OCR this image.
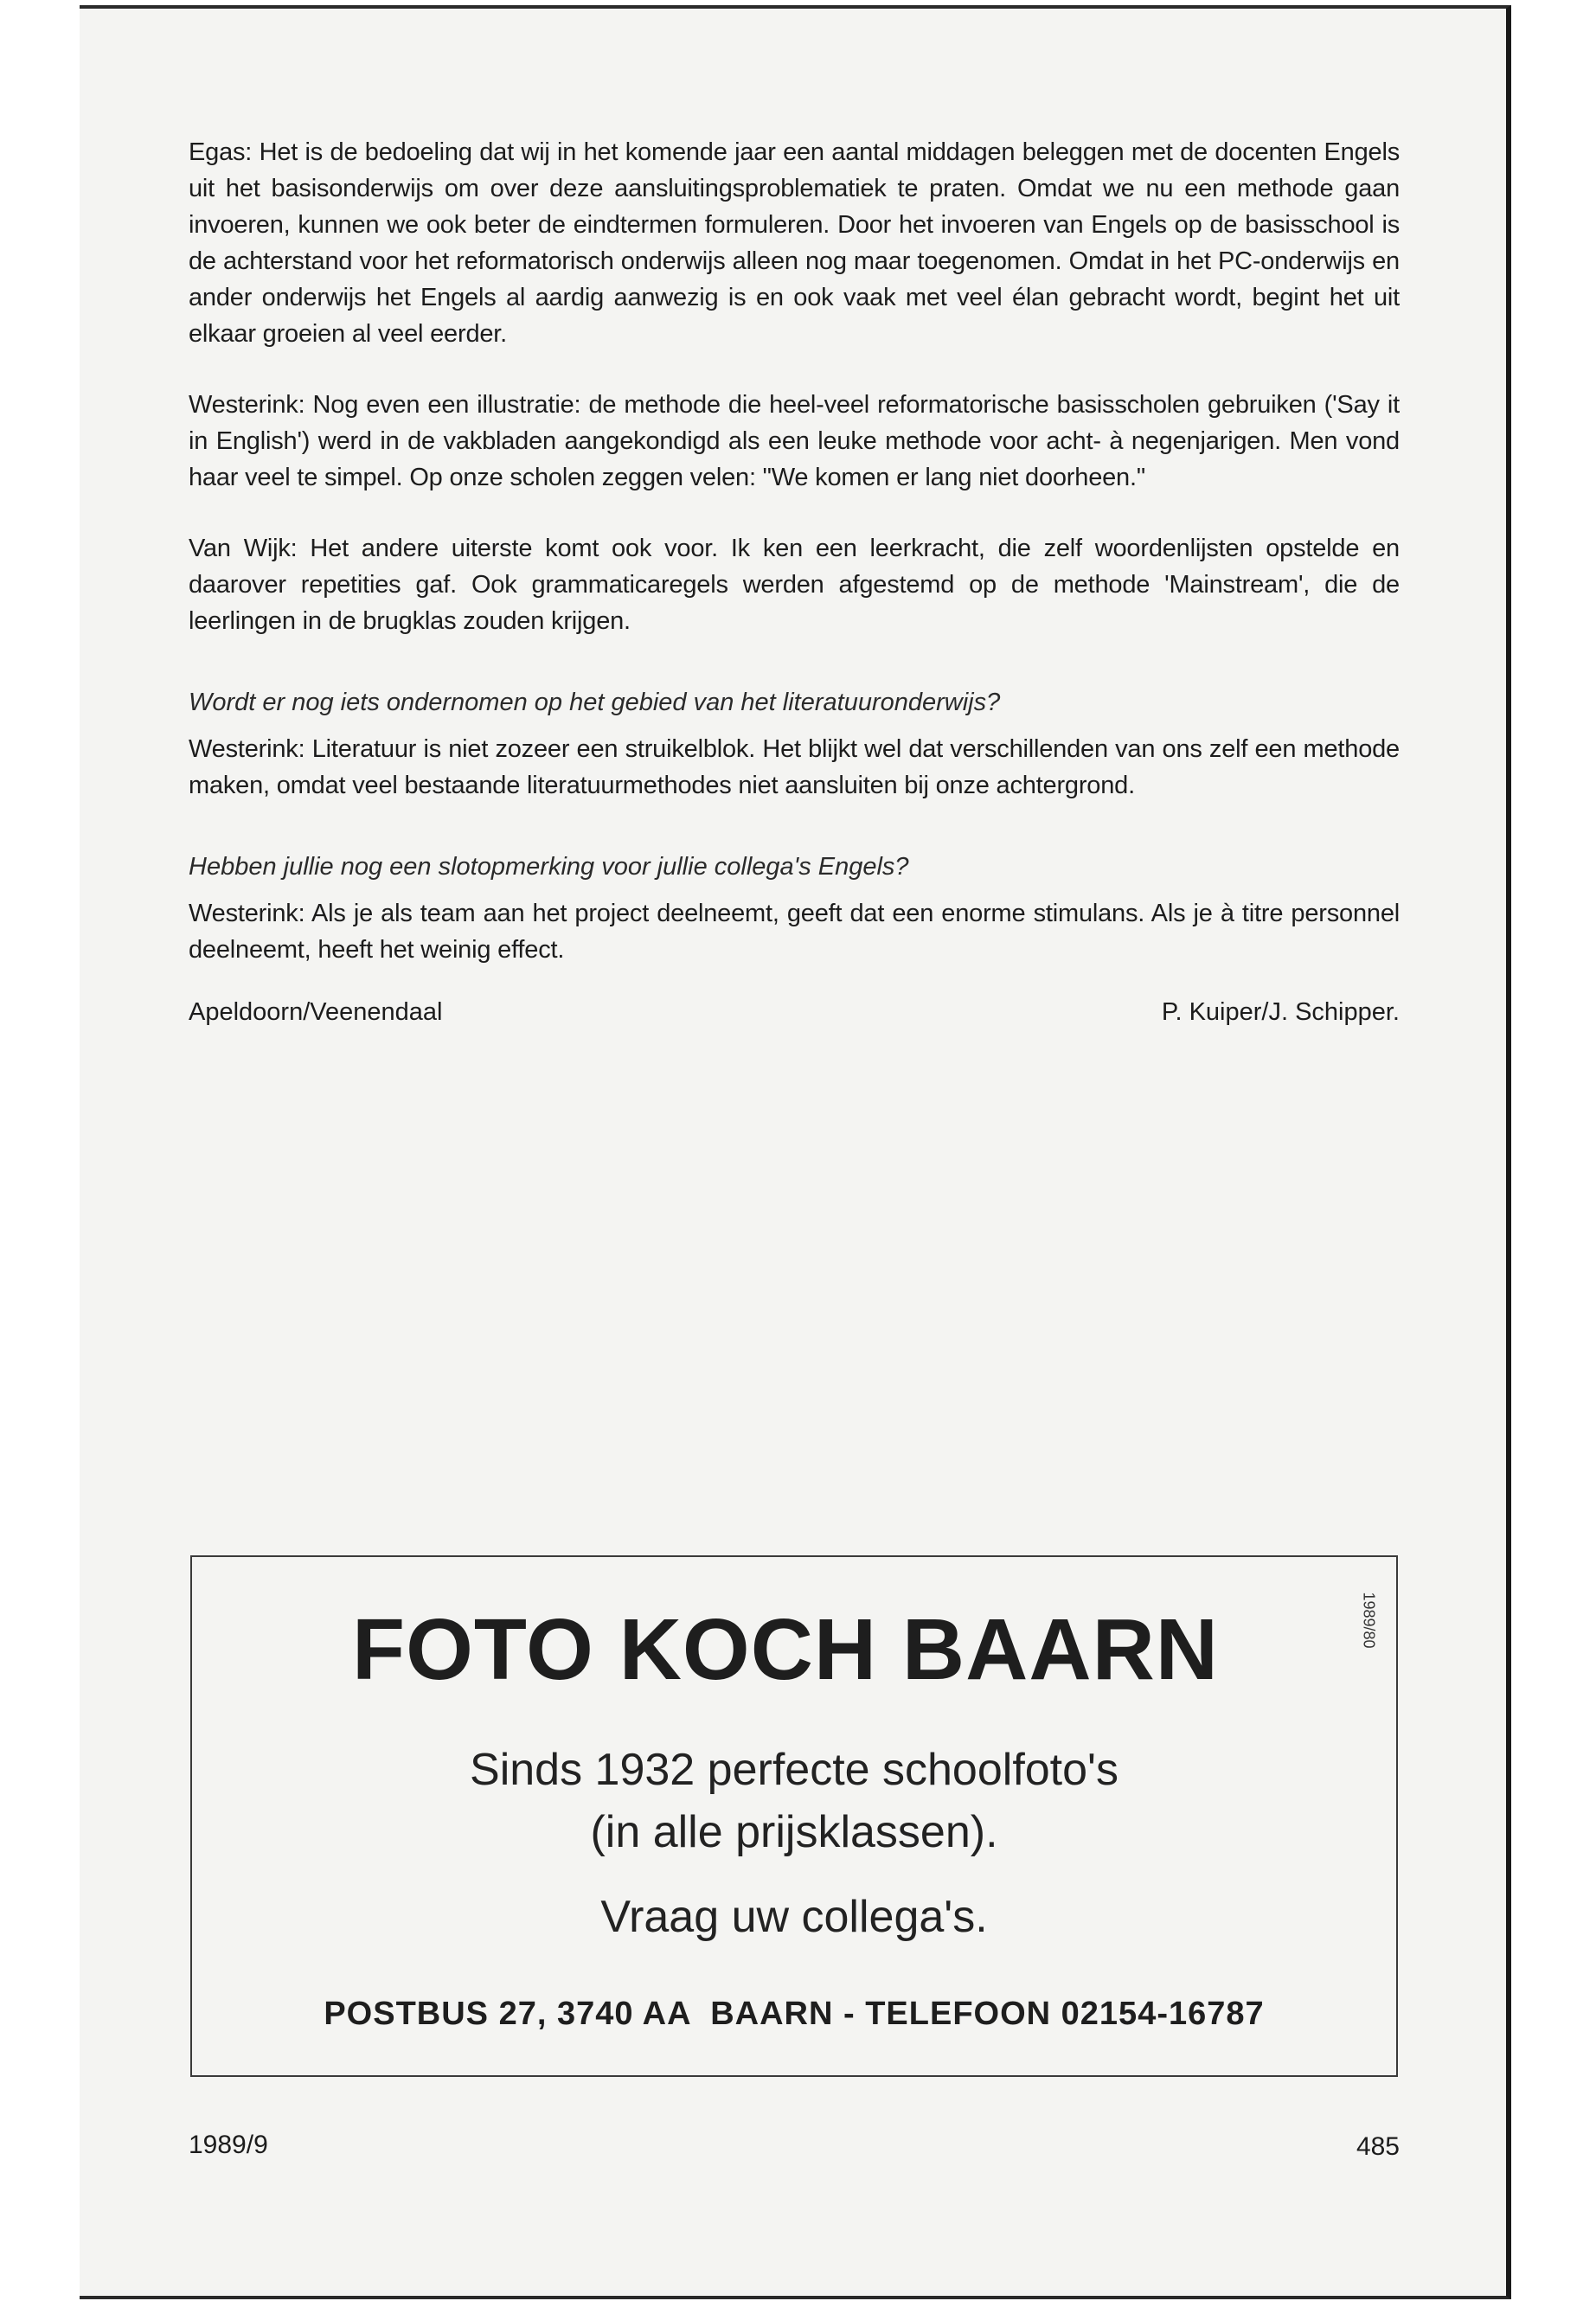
Egas: Het is de bedoeling dat wij in het komende jaar een aantal middagen beleggen met de docenten Engels uit het basisonderwijs om over deze aansluitingsproblematiek te praten. Omdat we nu een methode gaan invoeren, kunnen we ook beter de eindtermen formuleren. Door het invoeren van Engels op de basisschool is de achterstand voor het reformatorisch onderwijs alleen nog maar toegenomen. Omdat in het PC-onderwijs en ander onderwijs het Engels al aardig aanwezig is en ook vaak met veel élan gebracht wordt, begint het uit elkaar groeien al veel eerder.

Westerink: Nog even een illustratie: de methode die heel-veel reformatorische basisscholen gebruiken ('Say it in English') werd in de vakbladen aangekondigd als een leuke methode voor acht- à negenjarigen. Men vond haar veel te simpel. Op onze scholen zeggen velen: "We komen er lang niet doorheen."

Van Wijk: Het andere uiterste komt ook voor. Ik ken een leerkracht, die zelf woordenlijsten opstelde en daarover repetities gaf. Ook grammaticaregels werden afgestemd op de methode 'Mainstream', die de leerlingen in de brugklas zouden krijgen.

Wordt er nog iets ondernomen op het gebied van het literatuuronderwijs?

Westerink: Literatuur is niet zozeer een struikelblok. Het blijkt wel dat verschillenden van ons zelf een methode maken, omdat veel bestaande literatuurmethodes niet aansluiten bij onze achtergrond.

Hebben jullie nog een slotopmerking voor jullie collega's Engels?

Westerink: Als je als team aan het project deelneemt, geeft dat een enorme stimulans. Als je à titre personnel deelneemt, heeft het weinig effect.

Apeldoorn/Veenendaal	P. Kuiper/J. Schipper.
1989/80
FOTO KOCH BAARN
Sinds 1932 perfecte schoolfoto's
(in alle prijsklassen).
Vraag uw collega's.
POSTBUS 27, 3740 AA  BAARN - TELEFOON 02154-16787
1989/9	485
